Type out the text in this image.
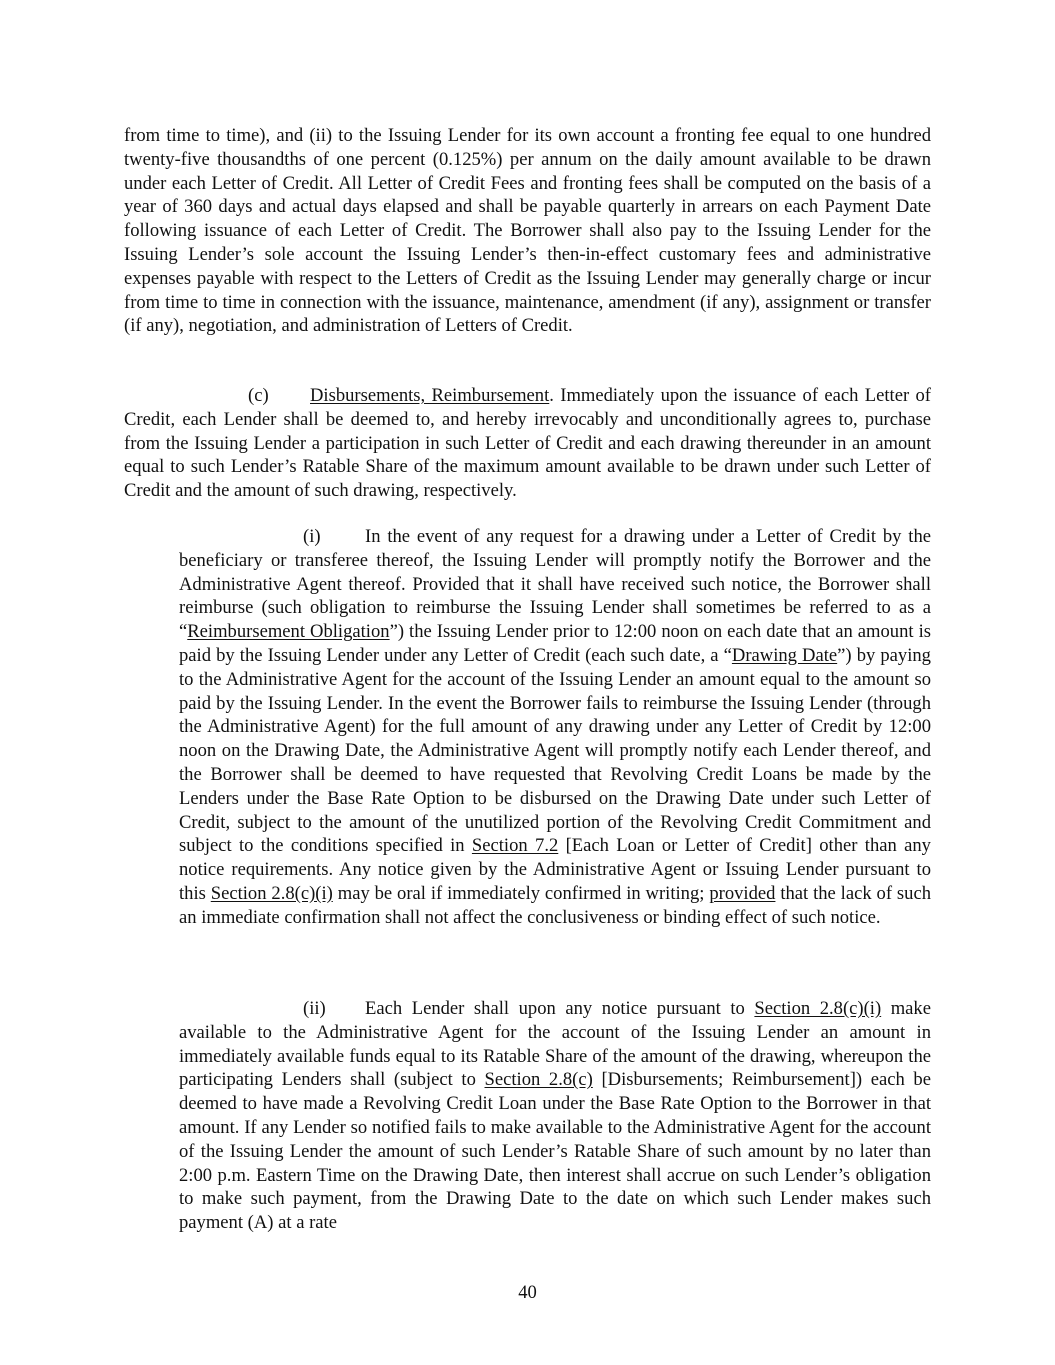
from time to time), and (ii) to the Issuing Lender for its own account a fronting fee equal to one hundred twenty-five thousandths of one percent (0.125%) per annum on the daily amount available to be drawn under each Letter of Credit. All Letter of Credit Fees and fronting fees shall be computed on the basis of a year of 360 days and actual days elapsed and shall be payable quarterly in arrears on each Payment Date following issuance of each Letter of Credit. The Borrower shall also pay to the Issuing Lender for the Issuing Lender’s sole account the Issuing Lender’s then-in-effect customary fees and administrative expenses payable with respect to the Letters of Credit as the Issuing Lender may generally charge or incur from time to time in connection with the issuance, maintenance, amendment (if any), assignment or transfer (if any), negotiation, and administration of Letters of Credit.

(c) Disbursements, Reimbursement. Immediately upon the issuance of each Letter of Credit, each Lender shall be deemed to, and hereby irrevocably and unconditionally agrees to, purchase from the Issuing Lender a participation in such Letter of Credit and each drawing thereunder in an amount equal to such Lender’s Ratable Share of the maximum amount available to be drawn under such Letter of Credit and the amount of such drawing, respectively.

(i) In the event of any request for a drawing under a Letter of Credit by the beneficiary or transferee thereof, the Issuing Lender will promptly notify the Borrower and the Administrative Agent thereof. Provided that it shall have received such notice, the Borrower shall reimburse (such obligation to reimburse the Issuing Lender shall sometimes be referred to as a “Reimbursement Obligation”) the Issuing Lender prior to 12:00 noon on each date that an amount is paid by the Issuing Lender under any Letter of Credit (each such date, a “Drawing Date”) by paying to the Administrative Agent for the account of the Issuing Lender an amount equal to the amount so paid by the Issuing Lender. In the event the Borrower fails to reimburse the Issuing Lender (through the Administrative Agent) for the full amount of any drawing under any Letter of Credit by 12:00 noon on the Drawing Date, the Administrative Agent will promptly notify each Lender thereof, and the Borrower shall be deemed to have requested that Revolving Credit Loans be made by the Lenders under the Base Rate Option to be disbursed on the Drawing Date under such Letter of Credit, subject to the amount of the unutilized portion of the Revolving Credit Commitment and subject to the conditions specified in Section 7.2 [Each Loan or Letter of Credit] other than any notice requirements. Any notice given by the Administrative Agent or Issuing Lender pursuant to this Section 2.8(c)(i) may be oral if immediately confirmed in writing; provided that the lack of such an immediate confirmation shall not affect the conclusiveness or binding effect of such notice.

(ii) Each Lender shall upon any notice pursuant to Section 2.8(c)(i) make available to the Administrative Agent for the account of the Issuing Lender an amount in immediately available funds equal to its Ratable Share of the amount of the drawing, whereupon the participating Lenders shall (subject to Section 2.8(c) [Disbursements; Reimbursement]) each be deemed to have made a Revolving Credit Loan under the Base Rate Option to the Borrower in that amount. If any Lender so notified fails to make available to the Administrative Agent for the account of the Issuing Lender the amount of such Lender’s Ratable Share of such amount by no later than 2:00 p.m. Eastern Time on the Drawing Date, then interest shall accrue on such Lender’s obligation to make such payment, from the Drawing Date to the date on which such Lender makes such payment (A) at a rate

40
